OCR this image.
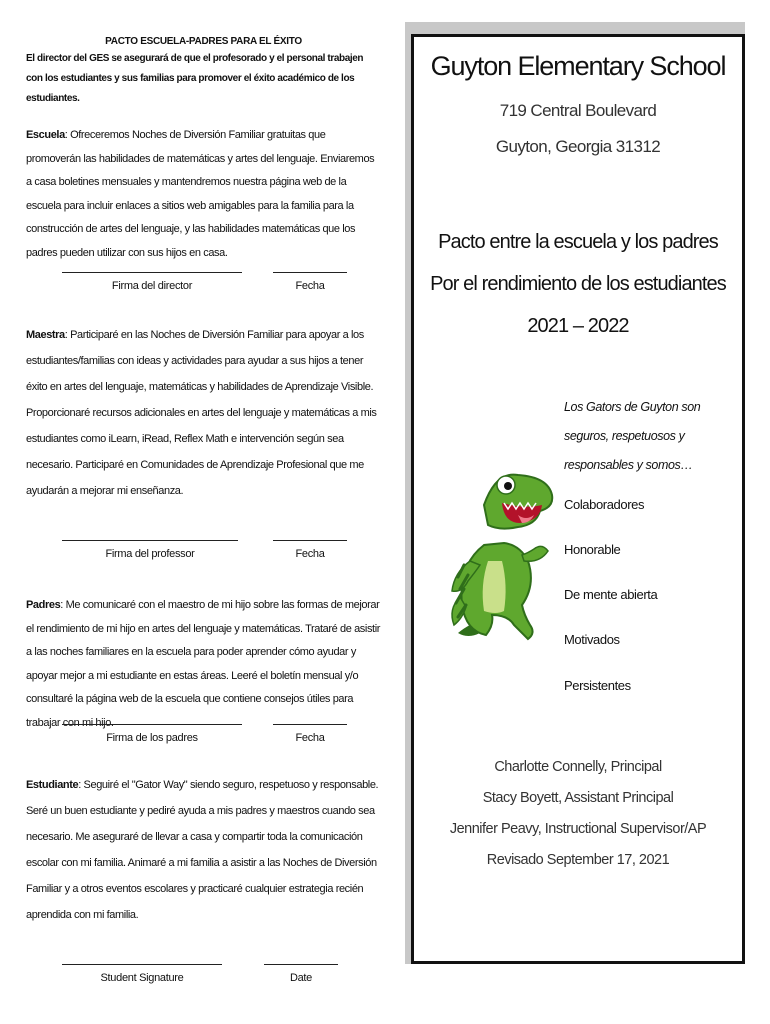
PACTO ESCUELA-PADRES PARA EL ÉXITO
El director del GES se asegurará de que el profesorado y el personal trabajen con los estudiantes y sus familias para promover el éxito académico de los estudiantes.
Escuela: Ofreceremos Noches de Diversión Familiar gratuitas que promoverán las habilidades de matemáticas y artes del lenguaje. Enviaremos a casa boletines mensuales y mantendremos nuestra página web de la escuela para incluir enlaces a sitios web amigables para la familia para la construcción de artes del lenguaje, y las habilidades matemáticas que los padres pueden utilizar con sus hijos en casa.
Firma del director	Fecha
Maestra: Participaré en las Noches de Diversión Familiar para apoyar a los estudiantes/familias con ideas y actividades para ayudar a sus hijos a tener éxito en artes del lenguaje, matemáticas y habilidades de Aprendizaje Visible. Proporcionaré recursos adicionales en artes del lenguaje y matemáticas a mis estudiantes como iLearn, iRead, Reflex Math e intervención según sea necesario. Participaré en Comunidades de Aprendizaje Profesional que me ayudarán a mejorar mi enseñanza.
Firma del professor	Fecha
Padres: Me comunicaré con el maestro de mi hijo sobre las formas de mejorar el rendimiento de mi hijo en artes del lenguaje y matemáticas. Trataré de asistir a las noches familiares en la escuela para poder aprender cómo ayudar y apoyar mejor a mi estudiante en estas áreas. Leeré el boletín mensual y/o consultaré la página web de la escuela que contiene consejos útiles para trabajar con mi hijo.
Firma de los padres	Fecha
Estudiante: Seguiré el "Gator Way" siendo seguro, respetuoso y responsable. Seré un buen estudiante y pediré ayuda a mis padres y maestros cuando sea necesario. Me aseguraré de llevar a casa y compartir toda la comunicación escolar con mi familia. Animaré a mi familia a asistir a las Noches de Diversión Familiar y a otros eventos escolares y practicaré cualquier estrategia recién aprendida con mi familia.
Student Signature	Date
Guyton Elementary School
719 Central Boulevard
Guyton, Georgia 31312
Pacto entre la escuela y los padres
Por el rendimiento de los estudiantes
2021 – 2022
Los Gators de Guyton son seguros, respetuosos y responsables y somos…
Colaboradores
Honorable
De mente abierta
Motivados
Persistentes
Charlotte Connelly, Principal
Stacy Boyett, Assistant Principal
Jennifer Peavy, Instructional Supervisor/AP
Revisado September 17, 2021
